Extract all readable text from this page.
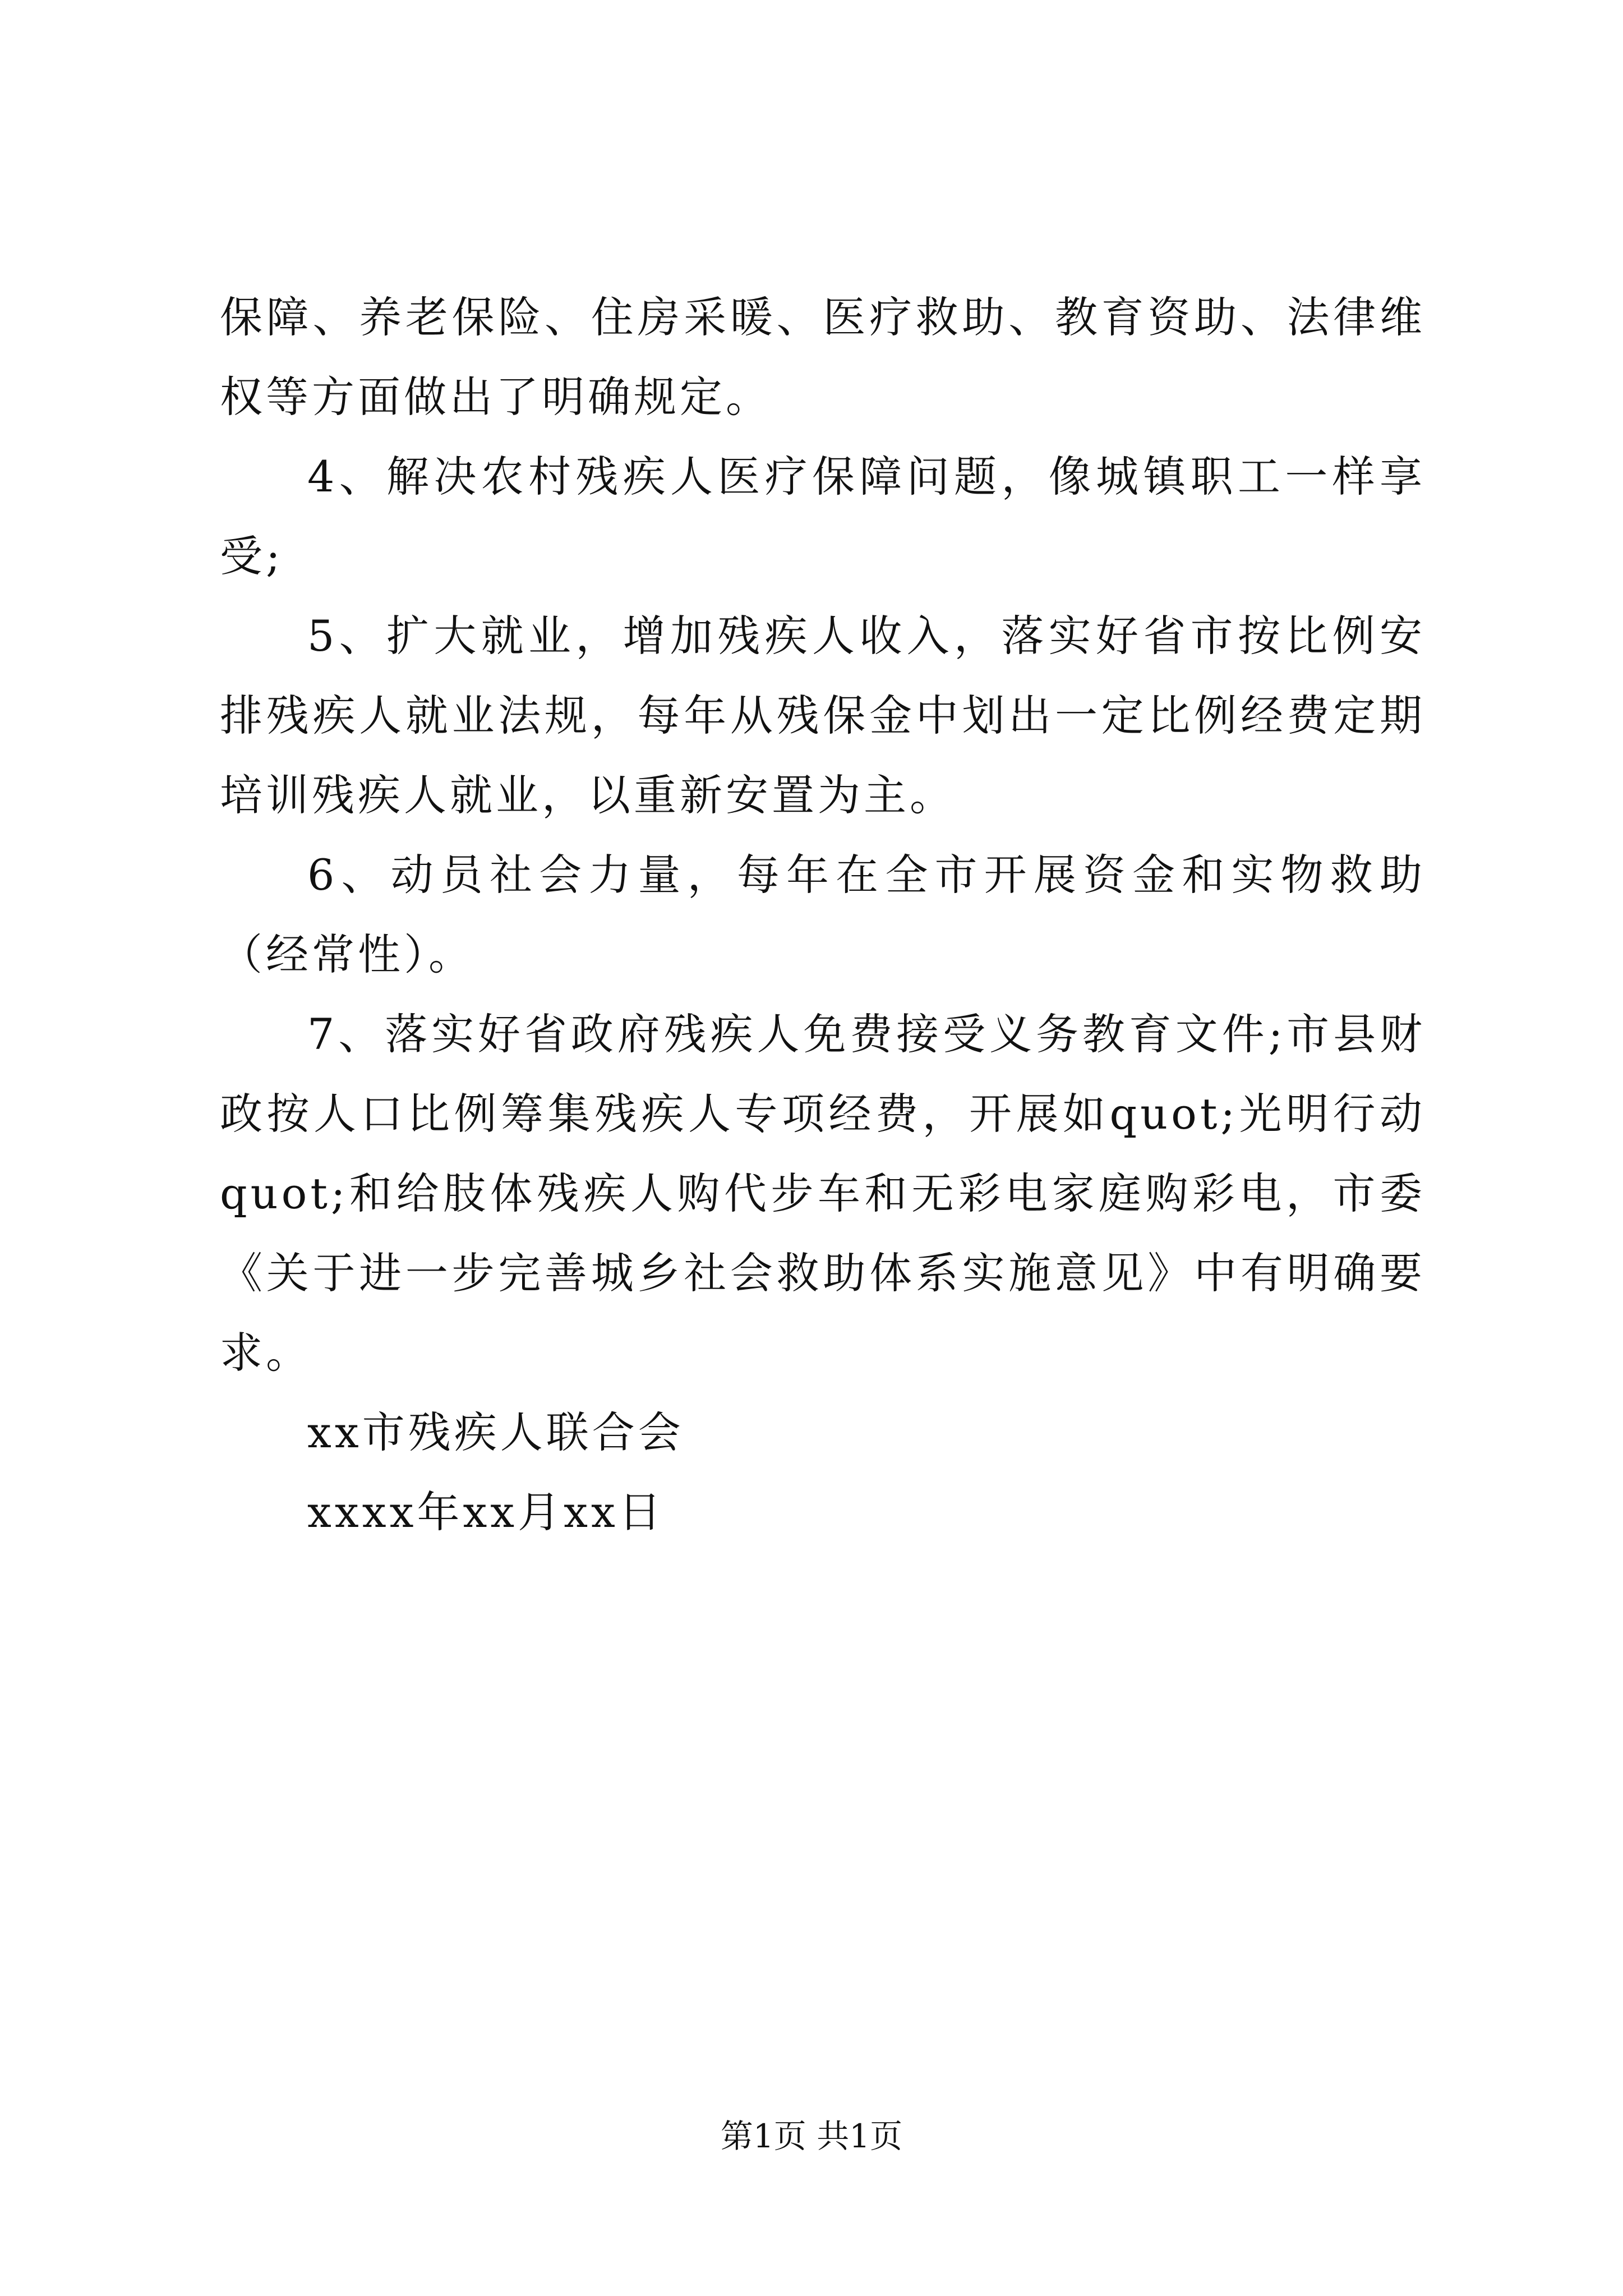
保障、养老保险、住房采暖、医疗救助、教育资助、法律维权等方面做出了明确规定。

4、解决农村残疾人医疗保障问题，像城镇职工一样享受;

5、扩大就业，增加残疾人收入，落实好省市按比例安排残疾人就业法规，每年从残保金中划出一定比例经费定期培训残疾人就业，以重新安置为主。

6、动员社会力量，每年在全市开展资金和实物救助（经常性）。

7、落实好省政府残疾人免费接受义务教育文件;市县财政按人口比例筹集残疾人专项经费，开展如quot;光明行动quot;和给肢体残疾人购代步车和无彩电家庭购彩电，市委《关于进一步完善城乡社会救助体系实施意见》中有明确要求。

xx市残疾人联合会

xxxx年xx月xx日

第1页 共1页
